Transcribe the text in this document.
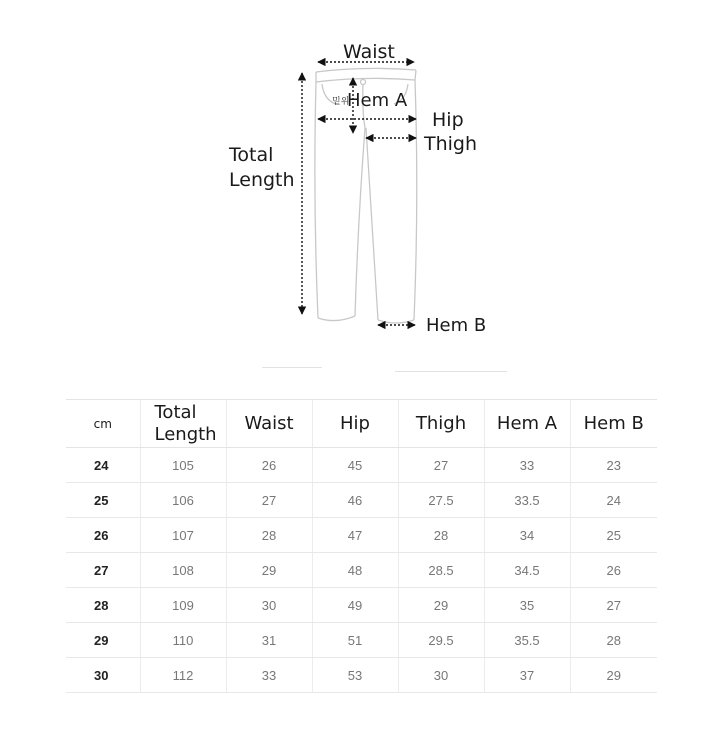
Waist
밑위
Hem A
Hip
Thigh
Total
Length
Hem B
cm	Total
Length	Waist	Hip	Thigh	Hem A	Hem B
24	105	26	45	27	33	23
25	106	27	46	27.5	33.5	24
26	107	28	47	28	34	25
27	108	29	48	28.5	34.5	26
28	109	30	49	29	35	27
29	110	31	51	29.5	35.5	28
30	112	33	53	30	37	29
